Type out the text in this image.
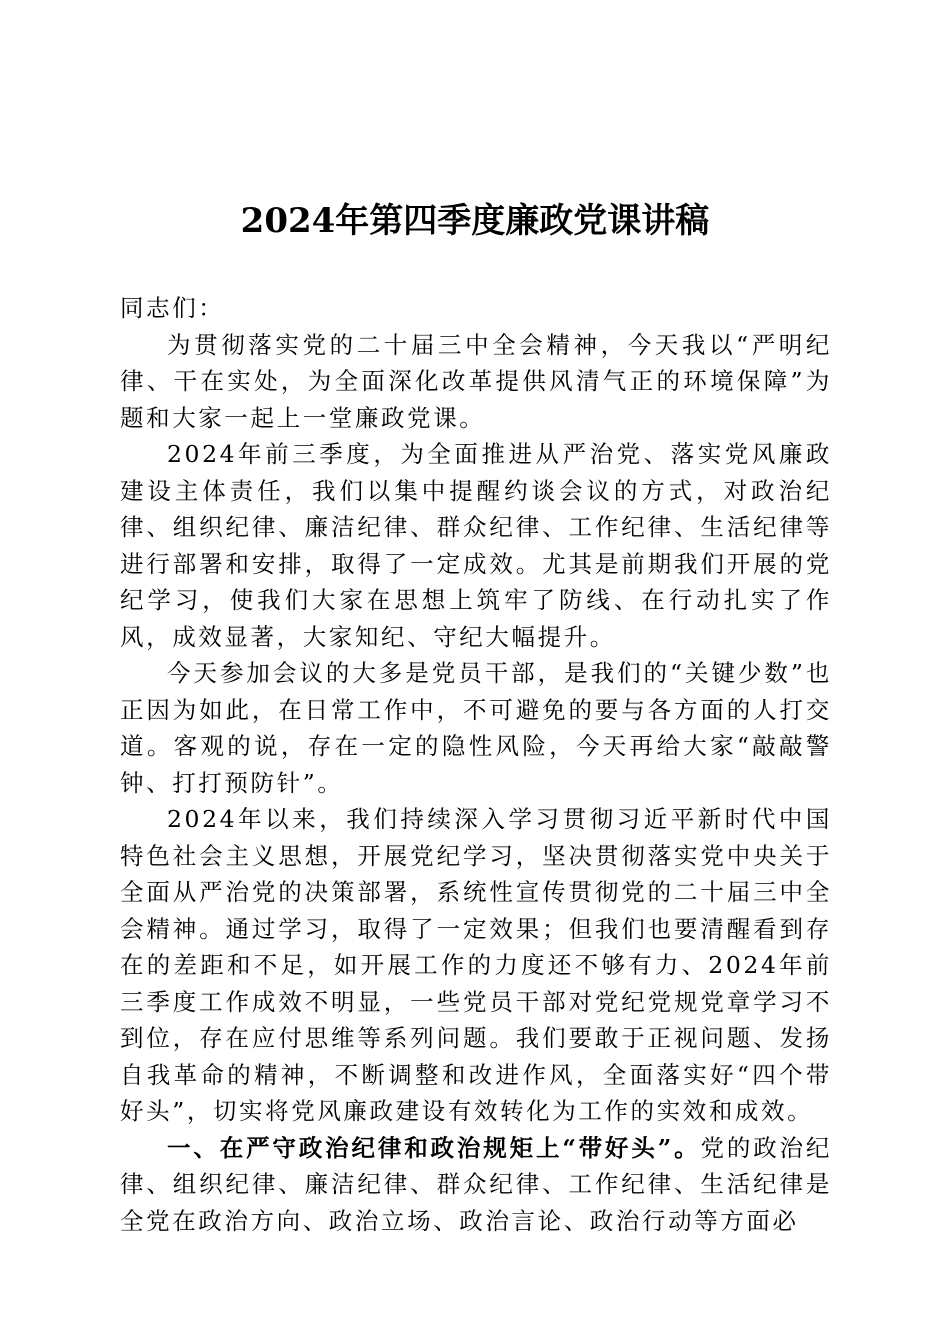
2024年第四季度廉政党课讲稿

同志们：

为贯彻落实党的二十届三中全会精神，今天我以“严明纪律、干在实处，为全面深化改革提供风清气正的环境保障”为题和大家一起上一堂廉政党课。

2024年前三季度，为全面推进从严治党、落实党风廉政建设主体责任，我们以集中提醒约谈会议的方式，对政治纪律、组织纪律、廉洁纪律、群众纪律、工作纪律、生活纪律等进行部署和安排，取得了一定成效。尤其是前期我们开展的党纪学习，使我们大家在思想上筑牢了防线、在行动扎实了作风，成效显著，大家知纪、守纪大幅提升。

今天参加会议的大多是党员干部，是我们的“关键少数”也正因为如此，在日常工作中，不可避免的要与各方面的人打交道。客观的说，存在一定的隐性风险，今天再给大家“敲敲警钟、打打预防针”。

2024年以来，我们持续深入学习贯彻习近平新时代中国特色社会主义思想，开展党纪学习，坚决贯彻落实党中央关于全面从严治党的决策部署，系统性宣传贯彻党的二十届三中全会精神。通过学习，取得了一定效果；但我们也要清醒看到存在的差距和不足，如开展工作的力度还不够有力、2024年前三季度工作成效不明显，一些党员干部对党纪党规党章学习不到位，存在应付思维等系列问题。我们要敢于正视问题、发扬自我革命的精神，不断调整和改进作风，全面落实好“四个带好头”，切实将党风廉政建设有效转化为工作的实效和成效。

一、在严守政治纪律和政治规矩上“带好头”。党的政治纪律、组织纪律、廉洁纪律、群众纪律、工作纪律、生活纪律是全党在政治方向、政治立场、政治言论、政治行动等方面必
